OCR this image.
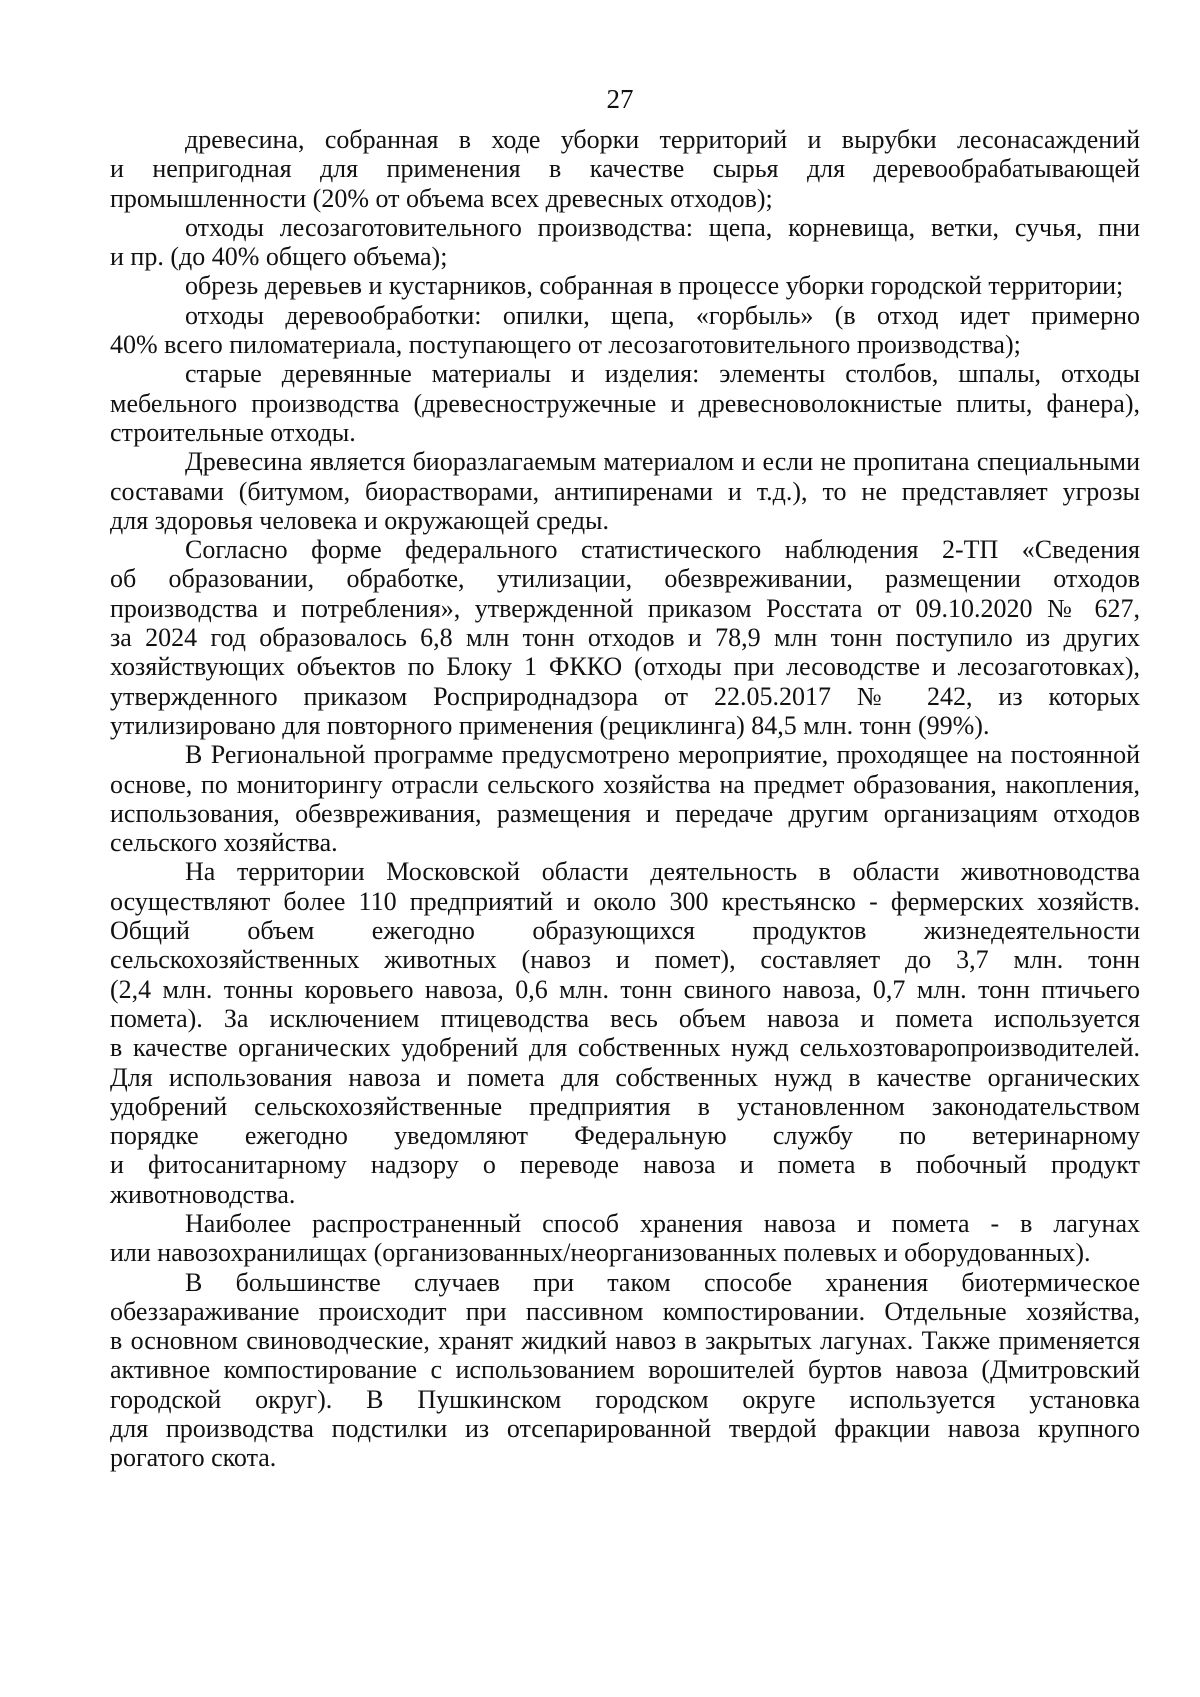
27

древесина, собранная в ходе уборки территорий и вырубки лесонасаждений
и непригодная для применения в качестве сырья для деревообрабатывающей
промышленности (20% от объема всех древесных отходов);

отходы лесозаготовительного производства: щепа, корневища, ветки, сучья, пни
и пр. (до 40% общего объема);

обрезь деревьев и кустарников, собранная в процессе уборки городской территории;

отходы деревообработки: опилки, щепа, «горбыль» (в отход идет примерно
40% всего пиломатериала, поступающего от лесозаготовительного производства);

старые деревянные материалы и изделия: элементы столбов, шпалы, отходы
мебельного производства (древесностружечные и древесноволокнистые плиты, фанера),
строительные отходы.

Древесина является биоразлагаемым материалом и если не пропитана специальными
составами (битумом, биорастворами, антипиренами и т.д.), то не представляет угрозы
для здоровья человека и окружающей среды.

Согласно форме федерального статистического наблюдения 2-ТП «Сведения
об образовании, обработке, утилизации, обезвреживании, размещении отходов
производства и потребления», утвержденной приказом Росстата от 09.10.2020 № 627,
за 2024 год образовалось 6,8 млн тонн отходов и 78,9 млн тонн поступило из других
хозяйствующих объектов по Блоку 1 ФККО (отходы при лесоводстве и лесозаготовках),
утвержденного приказом Росприроднадзора от 22.05.2017 № 242, из которых
утилизировано для повторного применения (рециклинга) 84,5 млн. тонн (99%).

В Региональной программе предусмотрено мероприятие, проходящее на постоянной
основе, по мониторингу отрасли сельского хозяйства на предмет образования, накопления,
использования, обезвреживания, размещения и передаче другим организациям отходов
сельского хозяйства.

На территории Московской области деятельность в области животноводства
осуществляют более 110 предприятий и около 300 крестьянско - фермерских хозяйств.
Общий объем ежегодно образующихся продуктов жизнедеятельности
сельскохозяйственных животных (навоз и помет), составляет до 3,7 млн. тонн
(2,4 млн. тонны коровьего навоза, 0,6 млн. тонн свиного навоза, 0,7 млн. тонн птичьего
помета). За исключением птицеводства весь объем навоза и помета используется
в качестве органических удобрений для собственных нужд сельхозтоваропроизводителей.
Для использования навоза и помета для собственных нужд в качестве органических
удобрений сельскохозяйственные предприятия в установленном законодательством
порядке ежегодно уведомляют Федеральную службу по ветеринарному
и фитосанитарному надзору о переводе навоза и помета в побочный продукт
животноводства.

Наиболее распространенный способ хранения навоза и помета - в лагунах
или навозохранилищах (организованных/неорганизованных полевых и оборудованных).

В большинстве случаев при таком способе хранения биотермическое
обеззараживание происходит при пассивном компостировании. Отдельные хозяйства,
в основном свиноводческие, хранят жидкий навоз в закрытых лагунах. Также применяется
активное компостирование с использованием ворошителей буртов навоза (Дмитровский
городской округ). В Пушкинском городском округе используется установка
для производства подстилки из отсепарированной твердой фракции навоза крупного
рогатого скота.
